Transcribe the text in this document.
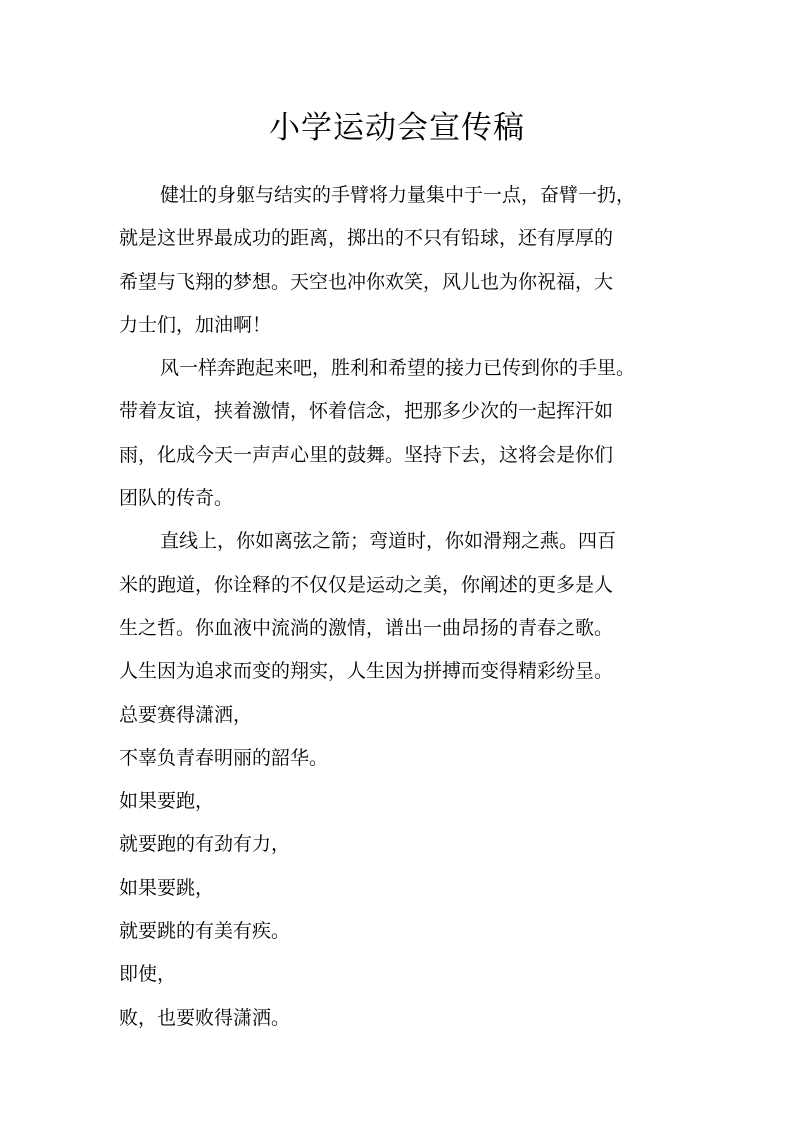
小学运动会宣传稿
健壮的身躯与结实的手臂将力量集中于一点，奋臂一扔，
就是这世界最成功的距离，掷出的不只有铅球，还有厚厚的
希望与飞翔的梦想。天空也冲你欢笑，风儿也为你祝福，大
力士们，加油啊！
风一样奔跑起来吧，胜利和希望的接力已传到你的手里。
带着友谊，挟着激情，怀着信念，把那多少次的一起挥汗如
雨，化成今天一声声心里的鼓舞。坚持下去，这将会是你们
团队的传奇。
直线上，你如离弦之箭；弯道时，你如滑翔之燕。四百
米的跑道，你诠释的不仅仅是运动之美，你阐述的更多是人
生之哲。你血液中流淌的激情，谱出一曲昂扬的青春之歌。
人生因为追求而变的翔实，人生因为拼搏而变得精彩纷呈。
总要赛得潇洒，
不辜负青春明丽的韶华。
如果要跑，
就要跑的有劲有力，
如果要跳，
就要跳的有美有疾。
即使，
败，也要败得潇洒。
